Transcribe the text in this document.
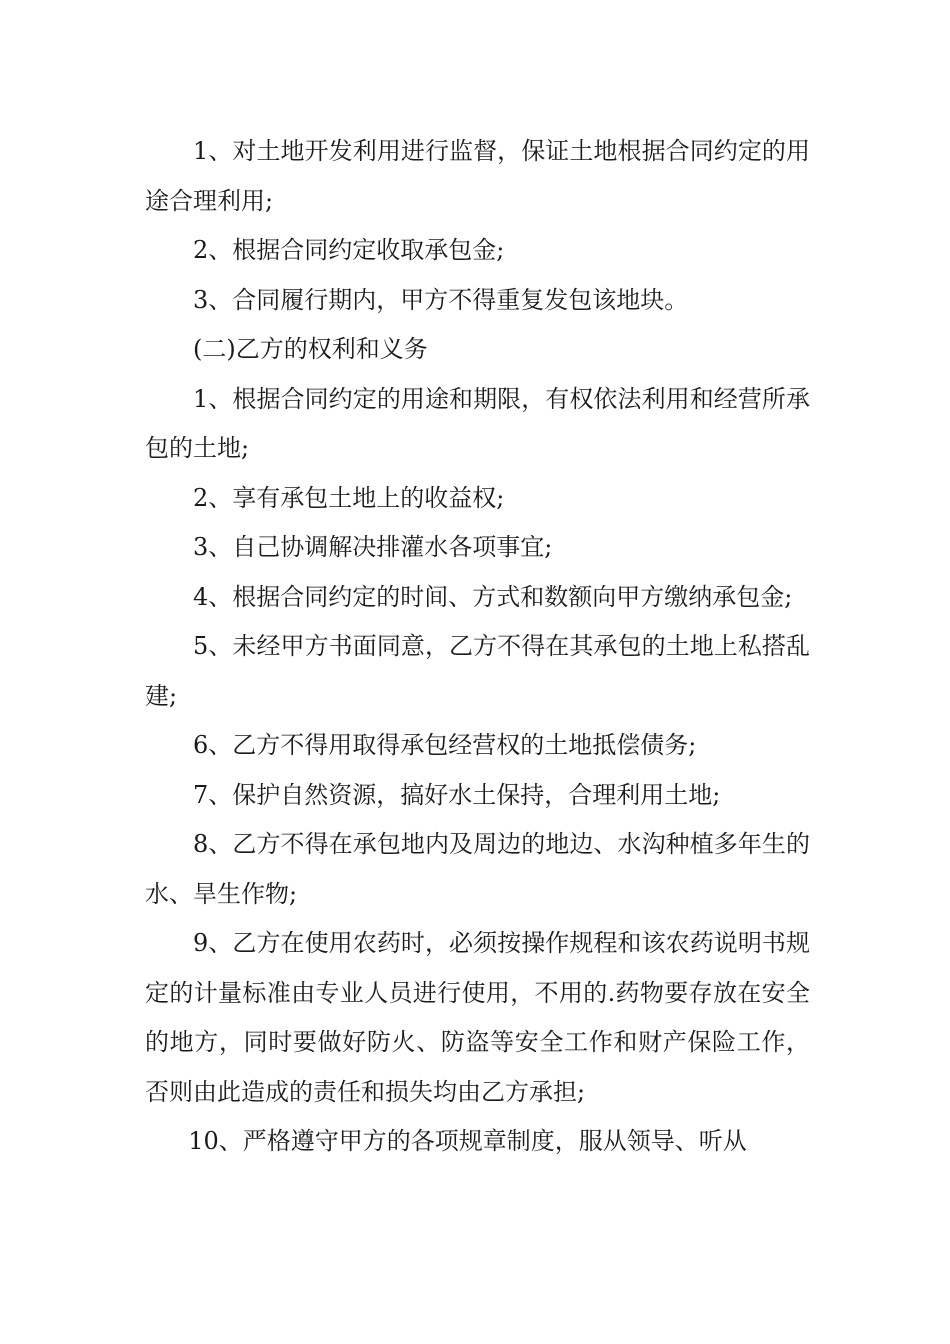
1、对土地开发利用进行监督，保证土地根据合同约定的用途合理利用;

2、根据合同约定收取承包金;

3、合同履行期内，甲方不得重复发包该地块。

(二)乙方的权利和义务

1、根据合同约定的用途和期限，有权依法利用和经营所承包的土地;

2、享有承包土地上的收益权;

3、自己协调解决排灌水各项事宜;

4、根据合同约定的时间、方式和数额向甲方缴纳承包金;

5、未经甲方书面同意，乙方不得在其承包的土地上私搭乱建;

6、乙方不得用取得承包经营权的土地抵偿债务;

7、保护自然资源，搞好水土保持，合理利用土地;

8、乙方不得在承包地内及周边的地边、水沟种植多年生的水、旱生作物;

9、乙方在使用农药时，必须按操作规程和该农药说明书规定的计量标准由专业人员进行使用，不用的.药物要存放在安全的地方，同时要做好防火、防盗等安全工作和财产保险工作，否则由此造成的责任和损失均由乙方承担;

10、严格遵守甲方的各项规章制度，服从领导、听从
